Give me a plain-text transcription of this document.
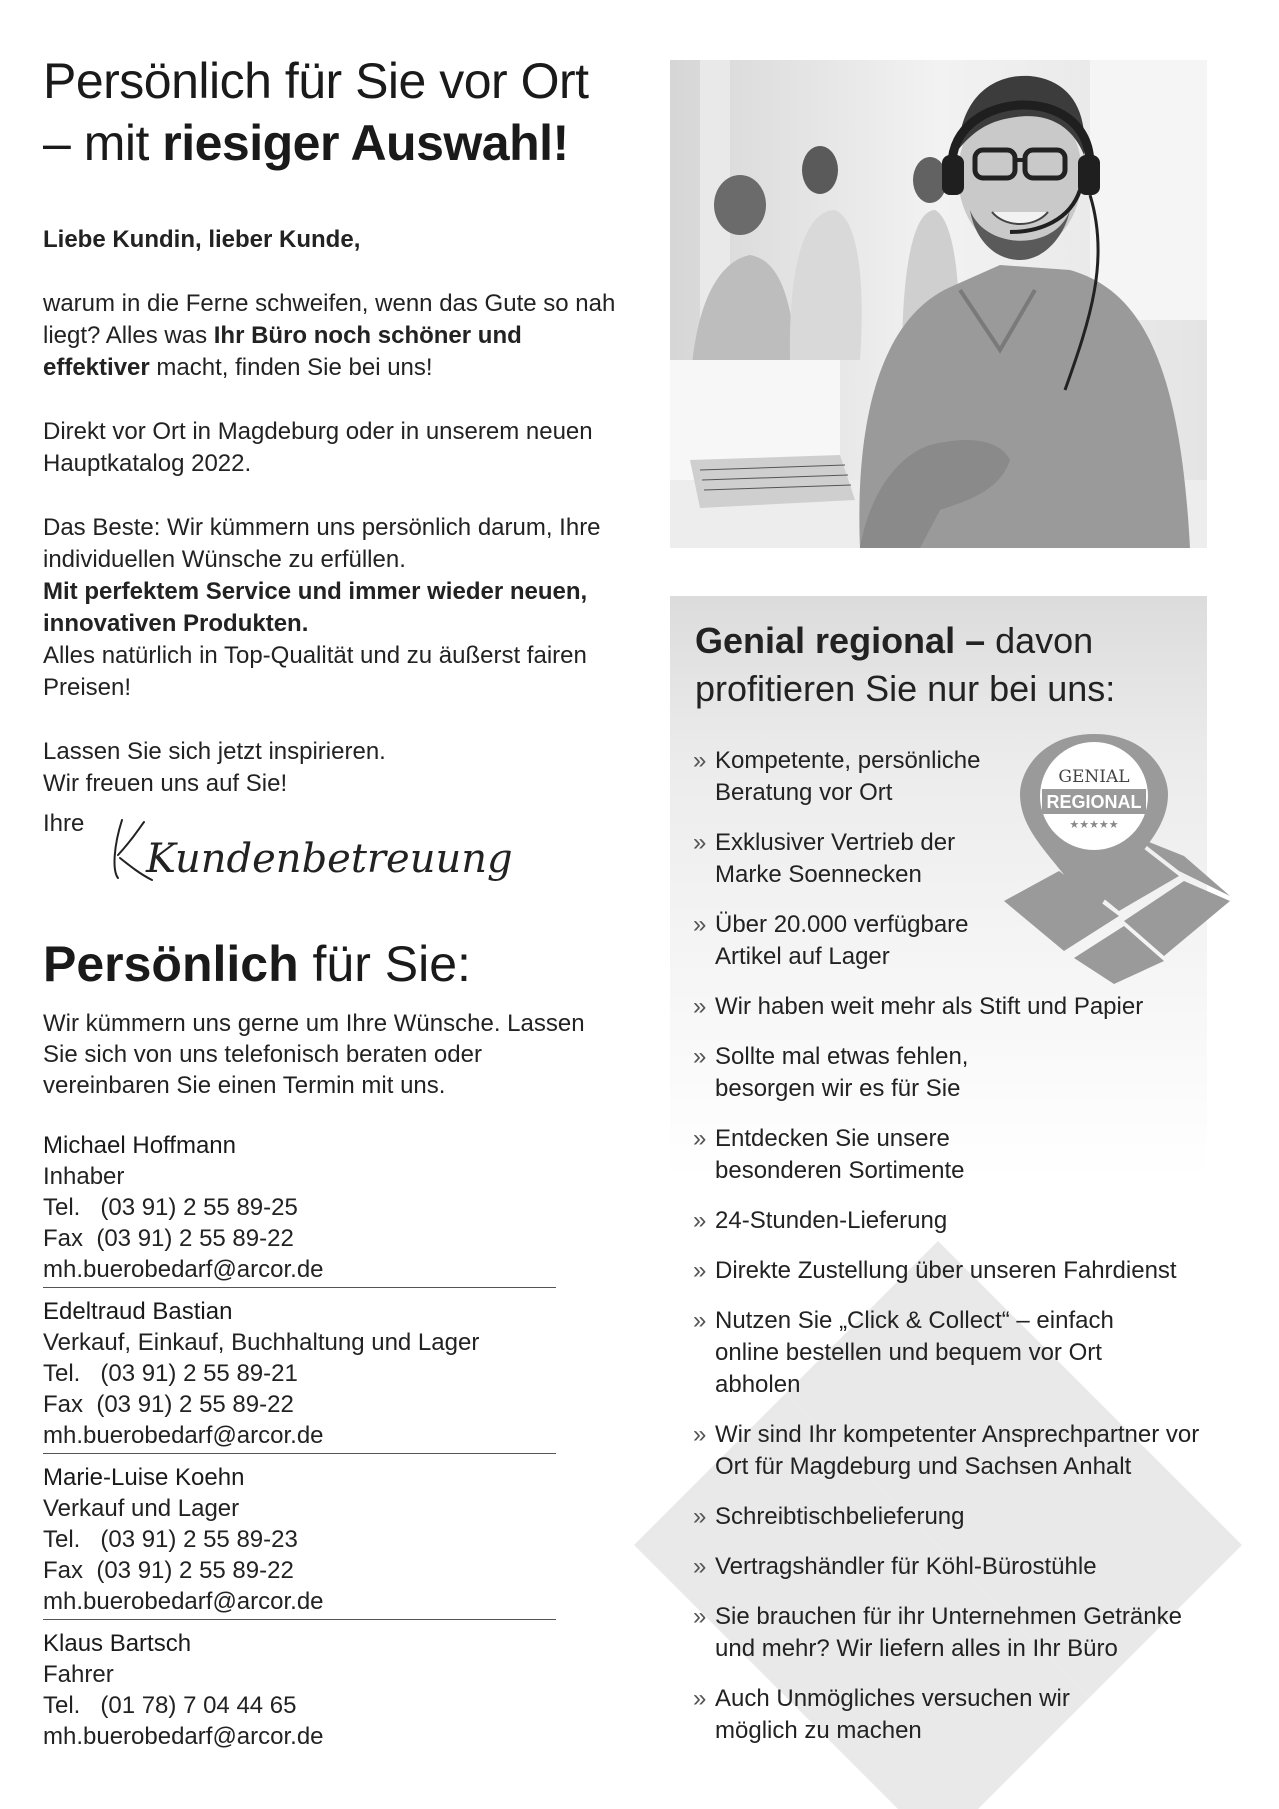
Persönlich für Sie vor Ort
– mit riesiger Auswahl!

Liebe Kundin, lieber Kunde,

warum in die Ferne schweifen, wenn das Gute so nah liegt? Alles was Ihr Büro noch schöner und effektiver macht, finden Sie bei uns!

Direkt vor Ort in Magdeburg oder in unserem neuen Hauptkatalog 2022.

Das Beste: Wir kümmern uns persönlich darum, Ihre individuellen Wünsche zu erfüllen.
Mit perfektem Service und immer wieder neuen, innovativen Produkten.
Alles natürlich in Top-Qualität und zu äußerst fairen Preisen!

Lassen Sie sich jetzt inspirieren.
Wir freuen uns auf Sie!

Ihre
Kundenbetreuung
Persönlich für Sie:
Wir kümmern uns gerne um Ihre Wünsche. Lassen Sie sich von uns telefonisch beraten oder vereinbaren Sie einen Termin mit uns.
Michael Hoffmann
Inhaber
Tel.   (03 91) 2 55 89-25
Fax  (03 91) 2 55 89-22
mh.buerobedarf@arcor.de
Edeltraud Bastian
Verkauf, Einkauf, Buchhaltung und Lager
Tel.   (03 91) 2 55 89-21
Fax  (03 91) 2 55 89-22
mh.buerobedarf@arcor.de
Marie-Luise Koehn
Verkauf und Lager
Tel.   (03 91) 2 55 89-23
Fax  (03 91) 2 55 89-22
mh.buerobedarf@arcor.de
Klaus Bartsch
Fahrer
Tel.   (01 78) 7 04 44 65
mh.buerobedarf@arcor.de
Genial regional – davon
profitieren Sie nur bei uns:
GENIAL
REGIONAL
★★★★★
» Kompetente, persönliche Beratung vor Ort
» Exklusiver Vertrieb der Marke Soennecken
» Über 20.000 verfügbare Artikel auf Lager
» Wir haben weit mehr als Stift und Papier
» Sollte mal etwas fehlen, besorgen wir es für Sie
» Entdecken Sie unsere besonderen Sortimente
» 24-Stunden-Lieferung
» Direkte Zustellung über unseren Fahrdienst
» Nutzen Sie „Click & Collect“ – einfach online bestellen und bequem vor Ort abholen
» Wir sind Ihr kompetenter Ansprechpartner vor Ort für Magdeburg und Sachsen Anhalt
» Schreibtischbelieferung
» Vertragshändler für Köhl-Bürostühle
» Sie brauchen für ihr Unternehmen Getränke und mehr? Wir liefern alles in Ihr Büro
» Auch Unmögliches versuchen wir möglich zu machen
